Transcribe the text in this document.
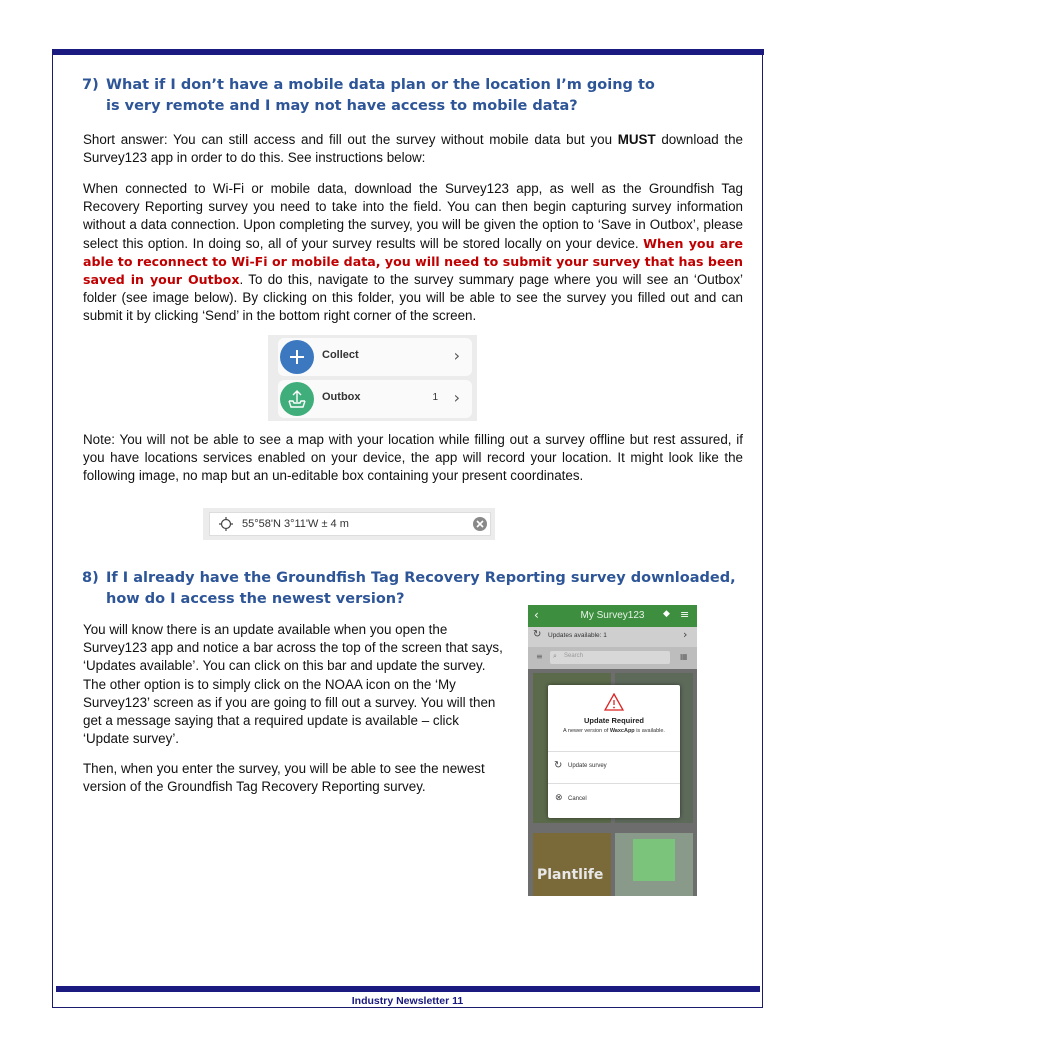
7) What if I don’t have a mobile data plan or the location I’m going to
is very remote and I may not have access to mobile data?

Short answer: You can still access and fill out the survey without mobile data but you MUST download the Survey123 app in order to do this. See instructions below:

When connected to Wi-Fi or mobile data, download the Survey123 app, as well as the Groundfish Tag Recovery Reporting survey you need to take into the field. You can then begin capturing survey information without a data connection. Upon completing the survey, you will be given the option to ‘Save in Outbox’, please select this option. In doing so, all of your survey results will be stored locally on your device. When you are able to reconnect to Wi-Fi or mobile data, you will need to submit your survey that has been saved in your Outbox. To do this, navigate to the survey summary page where you will see an ‘Outbox’ folder (see image below). By clicking on this folder, you will be able to see the survey you filled out and can submit it by clicking ‘Send’ in the bottom right corner of the screen.

Collect	›
Outbox	1 ›

Note: You will not be able to see a map with your location while filling out a survey offline but rest assured, if you have locations services enabled on your device, the app will record your location. It might look like the following image, no map but an un-editable box containing your present coordinates.

55°58'N 3°11'W ± 4 m
8) If I already have the Groundfish Tag Recovery Reporting survey downloaded,
how do I access the newest version?

You will know there is an update available when you open the Survey123 app and notice a bar across the top of the screen that says, ‘Updates available’. You can click on this bar and update the survey. The other option is to simply click on the NOAA icon on the ‘My Survey123’ screen as if you are going to fill out a survey. You will then get a message saying that a required update is available – click ‘Update survey’.

Then, when you enter the survey, you will be able to see the newest version of the Groundfish Tag Recovery Reporting survey.

‹	My Survey123	◆ ≡
↻ Updates available: 1	›
≡ ⌕ Search	▦
Plantlife
Update Required
A newer version of WaxcApp is available.
↻ Update survey
⊗ Cancel
Industry Newsletter 11
